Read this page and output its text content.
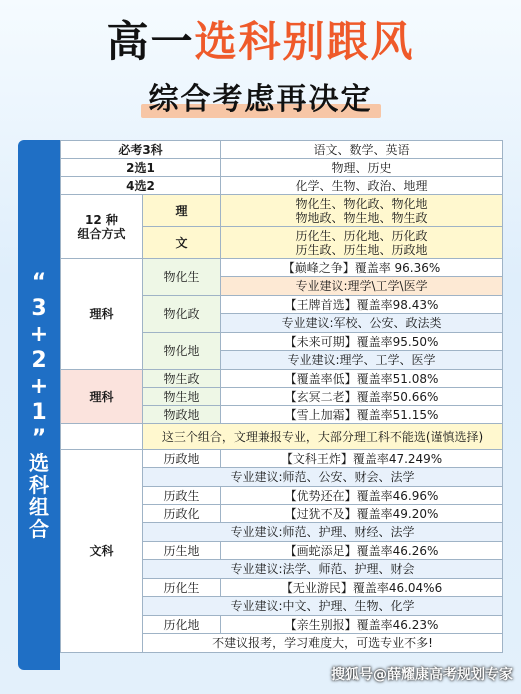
高一选科别跟风
综合考虑再决定
“
3
+
2
+
1
”
选
科
组
合
必考3科		语文、数学、英语
2选1		物理、历史
4选2		化学、生物、政治、地理

12 种
组合方式	理	物化生、物化政、物化地
物地政、物生地、物生政

	文	历化生、历化地、历化政
历生政、历生地、历政地

理科	物化生	【巅峰之争】覆盖率 96.36%
		专业建议:理学\工学\医学
	物化政	【王牌首选】覆盖率98.43%
		专业建议:军校、公安、政法类
	物化地	【未来可期】覆盖率95.50%
		专业建议:理学、工学、医学
理科	物生政	【覆盖率低】覆盖率51.08%
	物生地	【玄冥二老】覆盖率50.66%
	物政地	【雪上加霜】覆盖率51.15%
	这三个组合，文理兼报专业，大部分理工科不能选(谨慎选择)	
文科	历政地	【文科王炸】覆盖率47.249%
	专业建议:师范、公安、财会、法学	
	历政生	【优势还在】覆盖率46.96%
	历政化	【过犹不及】覆盖率49.20%
	专业建议:师范、护理、财经、法学	
	历生地	【画蛇添足】覆盖率46.26%
	专业建议:法学、师范、护理、财会	
	历化生	【无业游民】覆盖率46.04%6
	专业建议:中文、护理、生物、化学	
	历化地	【亲生别报】覆盖率46.23%
	不建议报考，学习难度大，可选专业不多!	
搜狐号@薛耀康高考规划专家
